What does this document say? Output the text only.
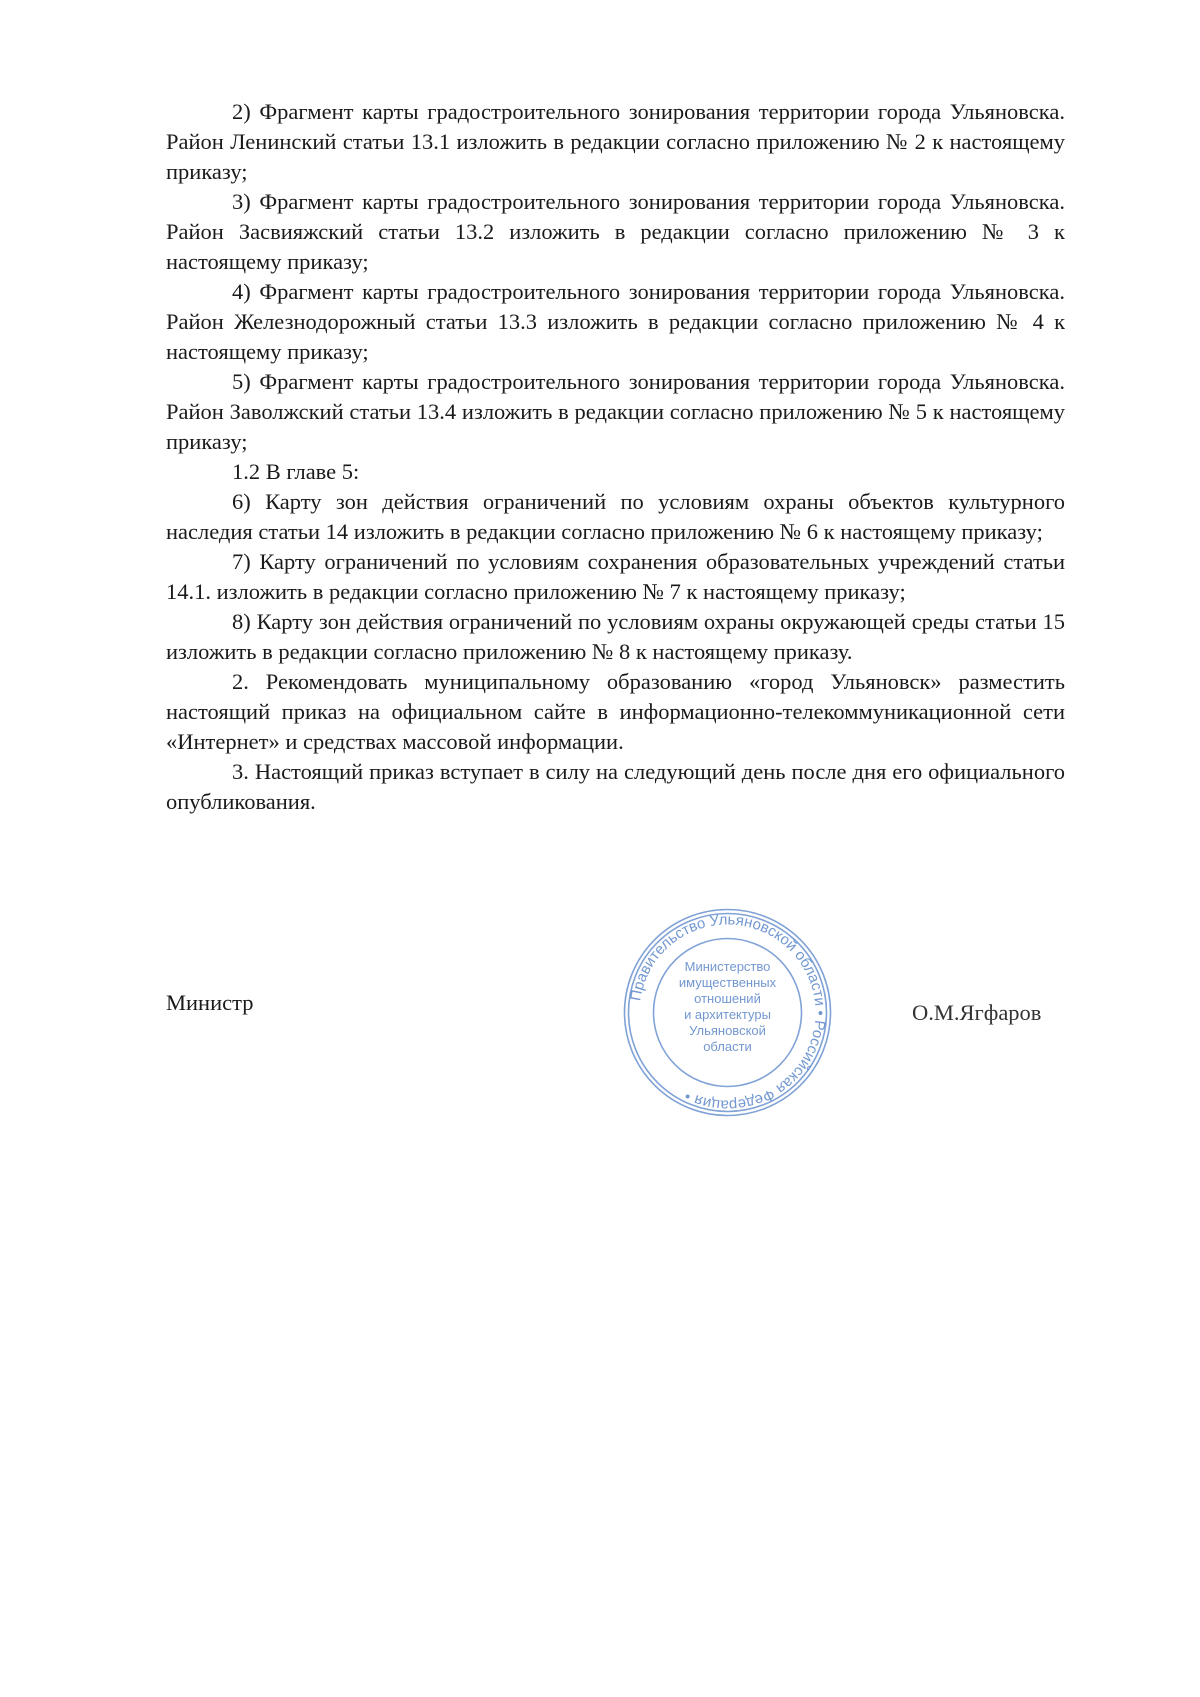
2) Фрагмент карты градостроительного зонирования территории города Ульяновска. Район Ленинский статьи 13.1 изложить в редакции согласно приложению № 2 к настоящему приказу;

3) Фрагмент карты градостроительного зонирования территории города Ульяновска. Район Засвияжский статьи 13.2 изложить в редакции согласно приложению № 3 к настоящему приказу;

4) Фрагмент карты градостроительного зонирования территории города Ульяновска. Район Железнодорожный статьи 13.3 изложить в редакции согласно приложению № 4 к настоящему приказу;

5) Фрагмент карты градостроительного зонирования территории города Ульяновска. Район Заволжский статьи 13.4 изложить в редакции согласно приложению № 5 к настоящему приказу;

1.2 В главе 5:

6) Карту зон действия ограничений по условиям охраны объектов культурного наследия статьи 14 изложить в редакции согласно приложению № 6 к настоящему приказу;

7) Карту ограничений по условиям сохранения образовательных учреждений статьи 14.1. изложить в редакции согласно приложению № 7 к настоящему приказу;

8) Карту зон действия ограничений по условиям охраны окружающей среды статьи 15 изложить в редакции согласно приложению № 8 к настоящему приказу.

2. Рекомендовать муниципальному образованию «город Ульяновск» разместить настоящий приказ на официальном сайте в информационно-телекоммуникационной сети «Интернет» и средствах массовой информации.

3. Настоящий приказ вступает в силу на следующий день после дня его официального опубликования.

Министр	О.М.Ягфаров
Правительство Ульяновской области • Российская Федерация •
Министерство
имущественных
отношений
и архитектуры
Ульяновской
области
